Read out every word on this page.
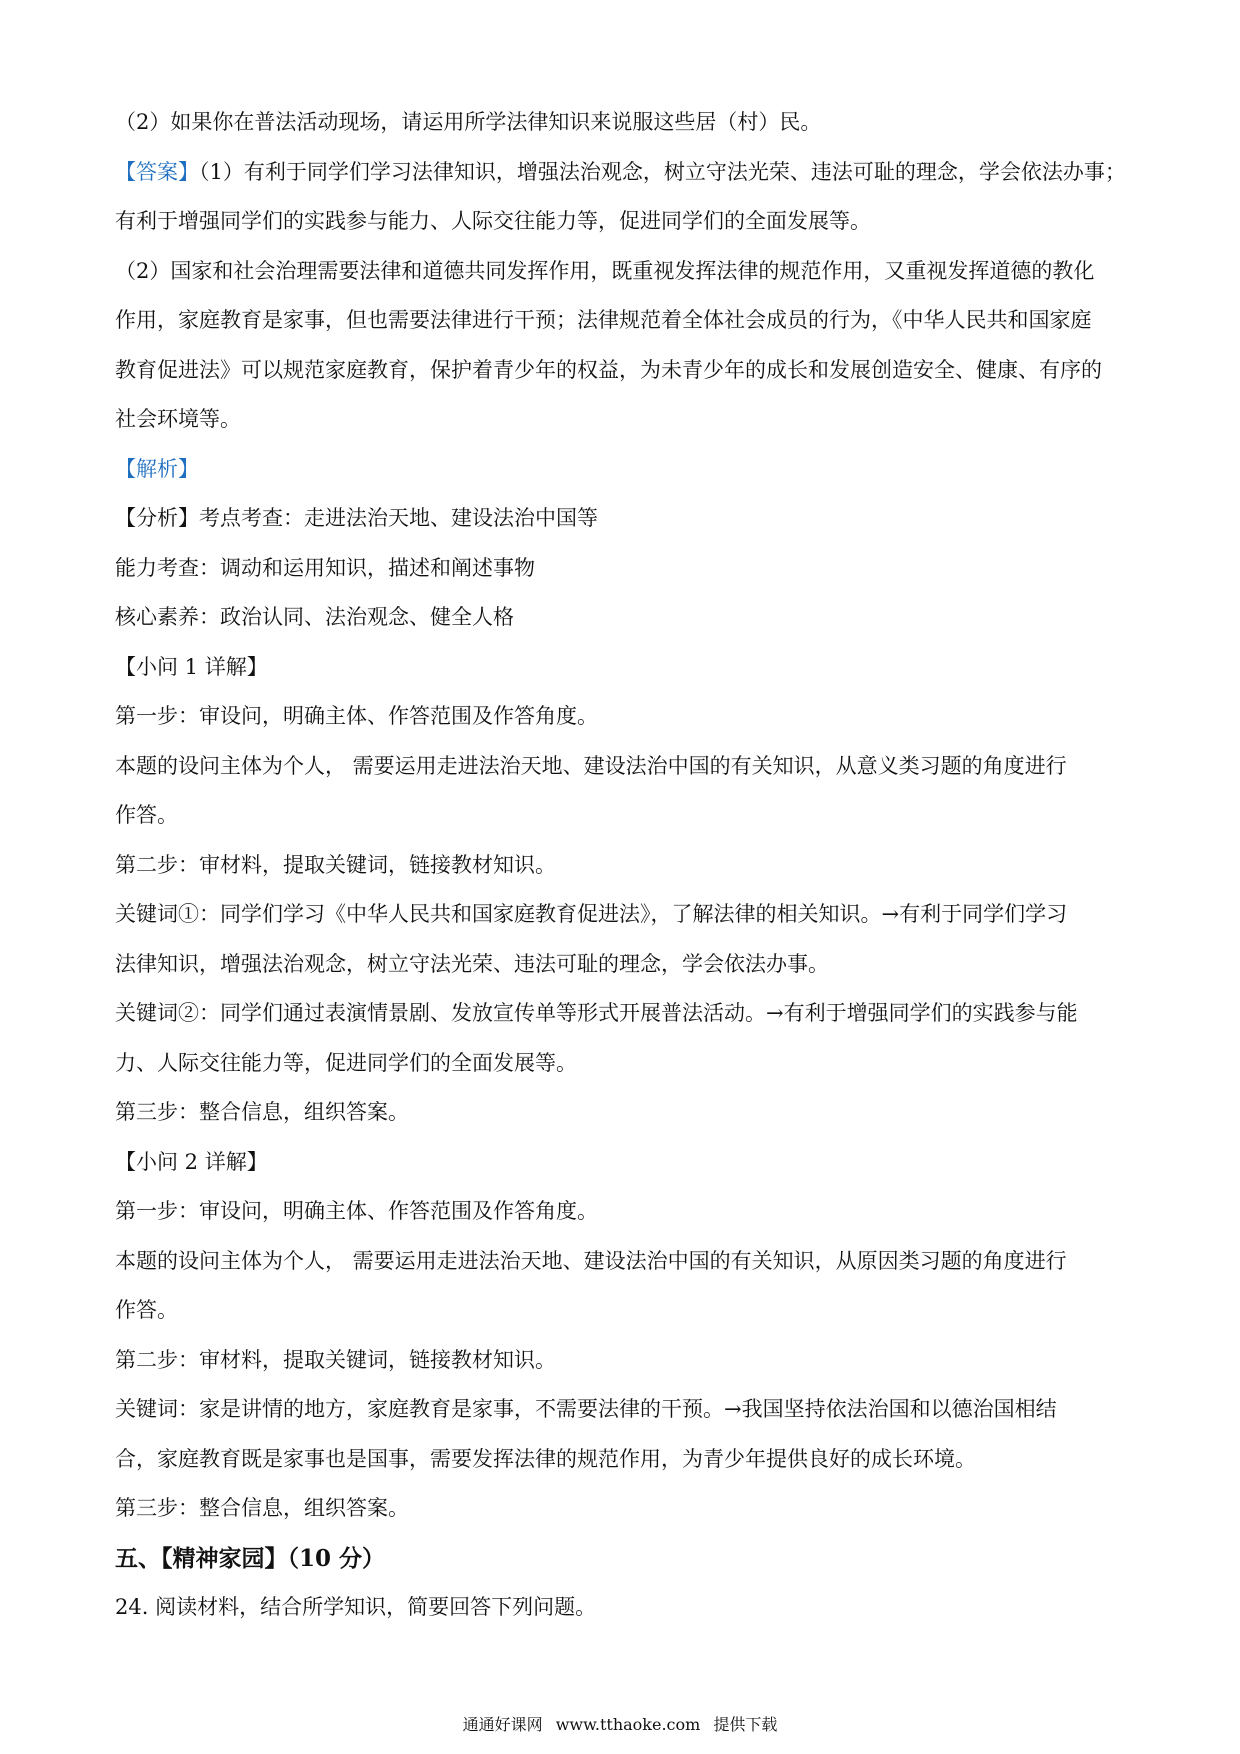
（2）如果你在普法活动现场，请运用所学法律知识来说服这些居（村）民。
【答案】（1）有利于同学们学习法律知识，增强法治观念，树立守法光荣、违法可耻的理念，学会依法办事；
有利于增强同学们的实践参与能力、人际交往能力等，促进同学们的全面发展等。
（2）国家和社会治理需要法律和道德共同发挥作用，既重视发挥法律的规范作用，又重视发挥道德的教化
作用，家庭教育是家事，但也需要法律进行干预；法律规范着全体社会成员的行为，《中华人民共和国家庭
教育促进法》可以规范家庭教育，保护着青少年的权益，为未青少年的成长和发展创造安全、健康、有序的
社会环境等。
【解析】
【分析】考点考查：走进法治天地、建设法治中国等
能力考查：调动和运用知识，描述和阐述事物
核心素养：政治认同、法治观念、健全人格
【小问 1 详解】
第一步：审设问，明确主体、作答范围及作答角度。
本题的设问主体为个人， 需要运用走进法治天地、建设法治中国的有关知识，从意义类习题的角度进行
作答。
第二步：审材料，提取关键词，链接教材知识。
关键词①：同学们学习《中华人民共和国家庭教育促进法》，了解法律的相关知识。→有利于同学们学习
法律知识，增强法治观念，树立守法光荣、违法可耻的理念，学会依法办事。
关键词②：同学们通过表演情景剧、发放宣传单等形式开展普法活动。→有利于增强同学们的实践参与能
力、人际交往能力等，促进同学们的全面发展等。
第三步：整合信息，组织答案。
【小问 2 详解】
第一步：审设问，明确主体、作答范围及作答角度。
本题的设问主体为个人， 需要运用走进法治天地、建设法治中国的有关知识，从原因类习题的角度进行
作答。
第二步：审材料，提取关键词，链接教材知识。
关键词：家是讲情的地方，家庭教育是家事，不需要法律的干预。→我国坚持依法治国和以德治国相结
合，家庭教育既是家事也是国事，需要发挥法律的规范作用，为青少年提供良好的成长环境。
第三步：整合信息，组织答案。
五、【精神家园】（10 分）
24. 阅读材料，结合所学知识，简要回答下列问题。
通通好课网 www.tthaoke.com 提供下载
